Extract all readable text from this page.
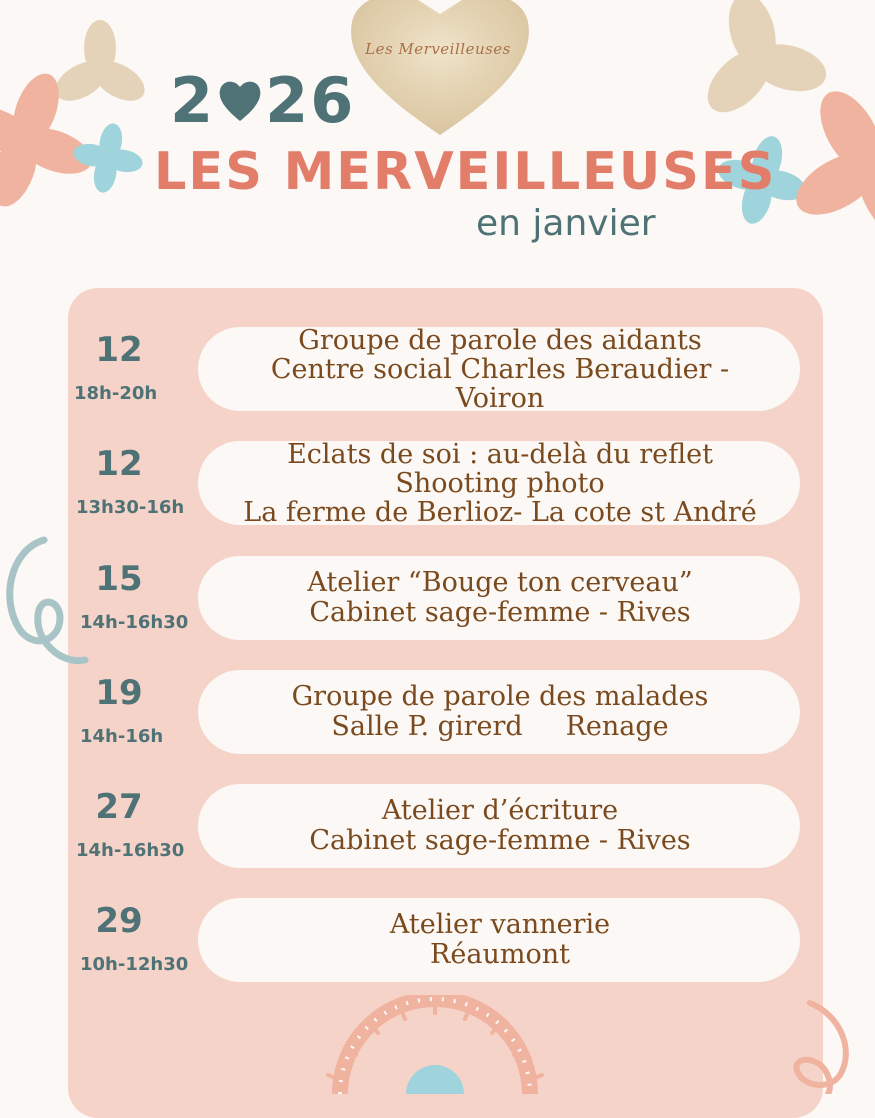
Les Merveilleuses
2 26
LES MERVEILLEUSES
en janvier
12
18h-20h
Groupe de parole des aidants
Centre social Charles Beraudier -
Voiron
12
13h30-16h
Eclats de soi : au-delà du reflet
Shooting photo
La ferme de Berlioz- La cote st André
15
14h-16h30
Atelier “Bouge ton cerveau”
Cabinet sage-femme - Rives
19
14h-16h
Groupe de parole des malades
Salle P. girerd     Renage
27
14h-16h30
Atelier d’écriture
Cabinet sage-femme - Rives
29
10h-12h30
Atelier vannerie
Réaumont
